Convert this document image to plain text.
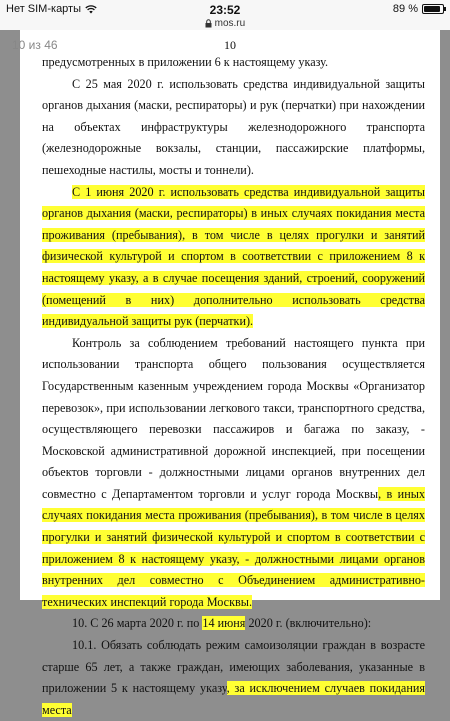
Нет SIM-карты	23:52	89 %
mos.ru
10

предусмотренных в приложении 6 к настоящему указу.

С 25 мая 2020 г. использовать средства индивидуальной защиты органов дыхания (маски, респираторы) и рук (перчатки) при нахождении на объектах инфраструктуры железнодорожного транспорта (железнодорожные вокзалы, станции, пассажирские платформы, пешеходные настилы, мосты и тоннели).

С 1 июня 2020 г. использовать средства индивидуальной защиты органов дыхания (маски, респираторы) в иных случаях покидания места проживания (пребывания), в том числе в целях прогулки и занятий физической культурой и спортом в соответствии с приложением 8 к настоящему указу, а в случае посещения зданий, строений, сооружений (помещений в них) дополнительно использовать средства индивидуальной защиты рук (перчатки).

Контроль за соблюдением требований настоящего пункта при использовании транспорта общего пользования осуществляется Государственным казенным учреждением города Москвы «Организатор перевозок», при использовании легкового такси, транспортного средства, осуществляющего перевозки пассажиров и багажа по заказу, - Московской административной дорожной инспекцией, при посещении объектов торговли - должностными лицами органов внутренних дел совместно с Департаментом торговли и услуг города Москвы, в иных случаях покидания места проживания (пребывания), в том числе в целях прогулки и занятий физической культурой и спортом в соответствии с приложением 8 к настоящему указу, - должностными лицами органов внутренних дел совместно с Объединением административно-технических инспекций города Москвы.

10. С 26 марта 2020 г. по 14 июня 2020 г. (включительно):

10.1. Обязать соблюдать режим самоизоляции граждан в возрасте старше 65 лет, а также граждан, имеющих заболевания, указанные в приложении 5 к настоящему указу, за исключением случаев покидания места

10 из 46
